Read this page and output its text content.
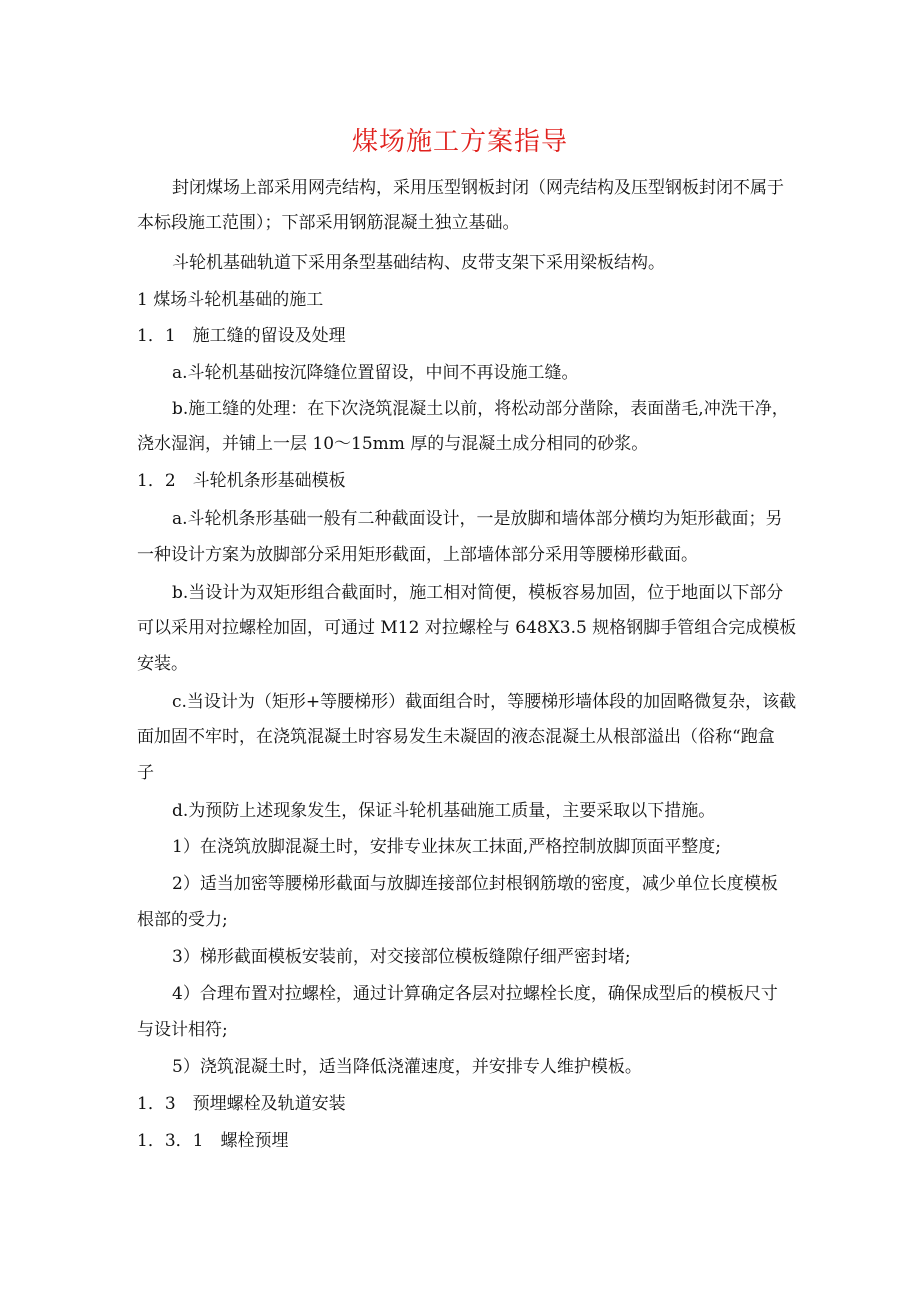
煤场施工方案指导
封闭煤场上部采用网壳结构，采用压型钢板封闭（网壳结构及压型钢板封闭不属于
本标段施工范围）；下部采用钢筋混凝土独立基础。
斗轮机基础轨道下采用条型基础结构、皮带支架下采用梁板结构。
1 煤场斗轮机基础的施工
1．1　施工缝的留设及处理
a.斗轮机基础按沉降缝位置留设，中间不再设施工缝。
b.施工缝的处理：在下次浇筑混凝土以前，将松动部分凿除，表面凿毛,冲洗干净，
浇水湿润，并铺上一层 10～15mm 厚的与混凝土成分相同的砂浆。
1．2　斗轮机条形基础模板
a.斗轮机条形基础一般有二种截面设计，一是放脚和墙体部分横均为矩形截面；另
一种设计方案为放脚部分采用矩形截面，上部墙体部分采用等腰梯形截面。
b.当设计为双矩形组合截面时，施工相对简便，模板容易加固，位于地面以下部分
可以采用对拉螺栓加固，可通过 M12 对拉螺栓与 648X3.5 规格钢脚手管组合完成模板
安装。
c.当设计为（矩形+等腰梯形）截面组合时，等腰梯形墙体段的加固略微复杂，该截
面加固不牢时，在浇筑混凝土时容易发生未凝固的液态混凝土从根部溢出（俗称“跑盒
子
d.为预防上述现象发生，保证斗轮机基础施工质量，主要采取以下措施。
1）在浇筑放脚混凝土时，安排专业抹灰工抹面,严格控制放脚顶面平整度;
2）适当加密等腰梯形截面与放脚连接部位封根钢筋墩的密度，减少单位长度模板
根部的受力;
3）梯形截面模板安装前，对交接部位模板缝隙仔细严密封堵;
4）合理布置对拉螺栓，通过计算确定各层对拉螺栓长度，确保成型后的模板尺寸
与设计相符;
5）浇筑混凝土时，适当降低浇灌速度，并安排专人维护模板。
1．3　预埋螺栓及轨道安装
1．3．1　螺栓预埋
